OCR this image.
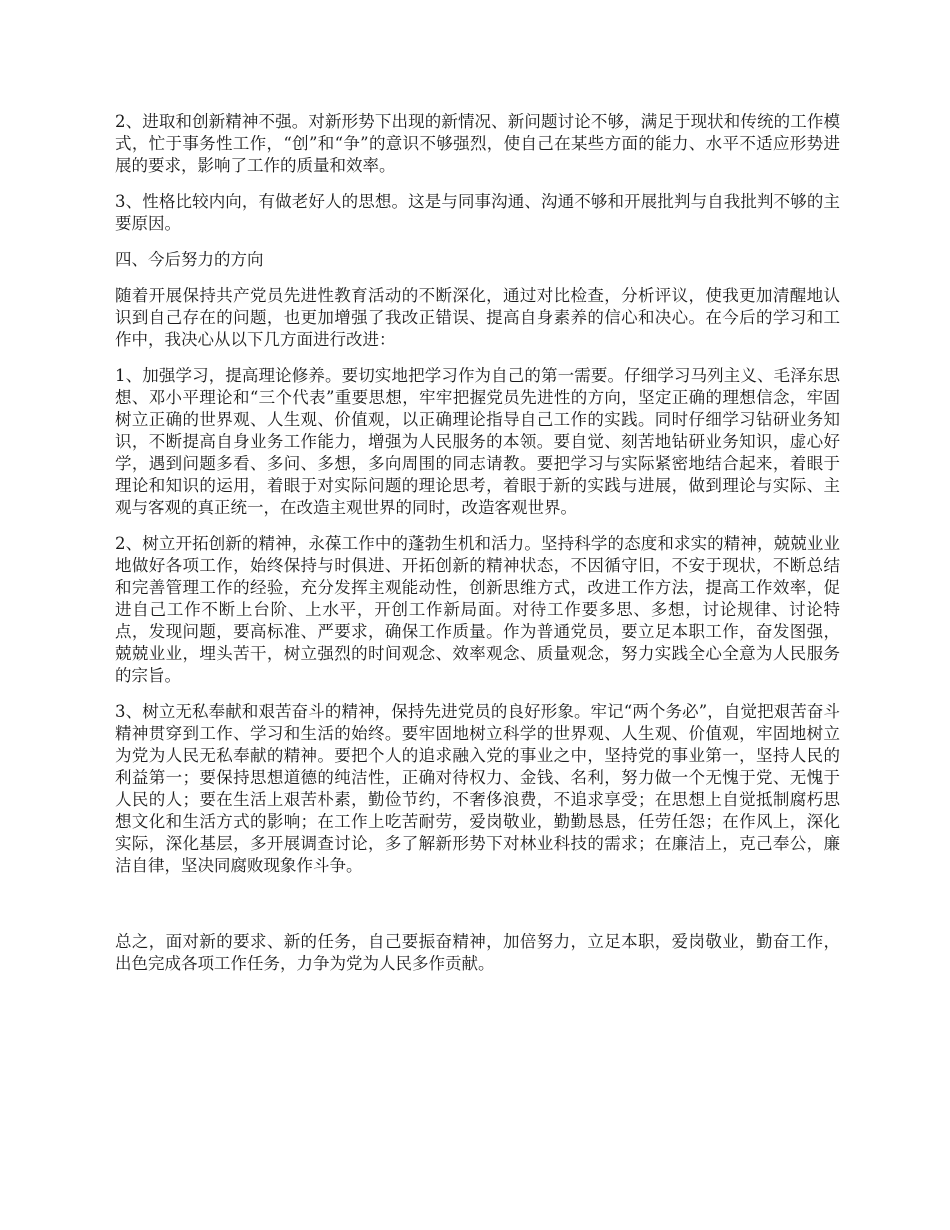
2、进取和创新精神不强。对新形势下出现的新情况、新问题讨论不够，满足于现状和传统的工作模式，忙于事务性工作，“创”和“争”的意识不够强烈，使自己在某些方面的能力、水平不适应形势进展的要求，影响了工作的质量和效率。

3、性格比较内向，有做老好人的思想。这是与同事沟通、沟通不够和开展批判与自我批判不够的主要原因。

四、今后努力的方向

随着开展保持共产党员先进性教育活动的不断深化，通过对比检查，分析评议，使我更加清醒地认识到自己存在的问题，也更加增强了我改正错误、提高自身素养的信心和决心。在今后的学习和工作中，我决心从以下几方面进行改进：

1、加强学习，提高理论修养。要切实地把学习作为自己的第一需要。仔细学习马列主义、毛泽东思想、邓小平理论和“三个代表”重要思想，牢牢把握党员先进性的方向，坚定正确的理想信念，牢固树立正确的世界观、人生观、价值观，以正确理论指导自己工作的实践。同时仔细学习钻研业务知识，不断提高自身业务工作能力，增强为人民服务的本领。要自觉、刻苦地钻研业务知识，虚心好学，遇到问题多看、多问、多想，多向周围的同志请教。要把学习与实际紧密地结合起来，着眼于理论和知识的运用，着眼于对实际问题的理论思考，着眼于新的实践与进展，做到理论与实际、主观与客观的真正统一，在改造主观世界的同时，改造客观世界。

2、树立开拓创新的精神，永葆工作中的蓬勃生机和活力。坚持科学的态度和求实的精神，兢兢业业地做好各项工作，始终保持与时俱进、开拓创新的精神状态，不因循守旧，不安于现状，不断总结和完善管理工作的经验，充分发挥主观能动性，创新思维方式，改进工作方法，提高工作效率，促进自己工作不断上台阶、上水平，开创工作新局面。对待工作要多思、多想，讨论规律、讨论特点，发现问题，要高标准、严要求，确保工作质量。作为普通党员，要立足本职工作，奋发图强，兢兢业业，埋头苦干，树立强烈的时间观念、效率观念、质量观念，努力实践全心全意为人民服务的宗旨。

3、树立无私奉献和艰苦奋斗的精神，保持先进党员的良好形象。牢记“两个务必”，自觉把艰苦奋斗精神贯穿到工作、学习和生活的始终。要牢固地树立科学的世界观、人生观、价值观，牢固地树立为党为人民无私奉献的精神。要把个人的追求融入党的事业之中，坚持党的事业第一，坚持人民的利益第一；要保持思想道德的纯洁性，正确对待权力、金钱、名利，努力做一个无愧于党、无愧于人民的人；要在生活上艰苦朴素，勤俭节约，不奢侈浪费，不追求享受；在思想上自觉抵制腐朽思想文化和生活方式的影响；在工作上吃苦耐劳，爱岗敬业，勤勤恳恳，任劳任怨；在作风上，深化实际，深化基层，多开展调查讨论，多了解新形势下对林业科技的需求；在廉洁上，克己奉公，廉洁自律，坚决同腐败现象作斗争。

总之，面对新的要求、新的任务，自己要振奋精神，加倍努力，立足本职，爱岗敬业，勤奋工作，出色完成各项工作任务，力争为党为人民多作贡献。
